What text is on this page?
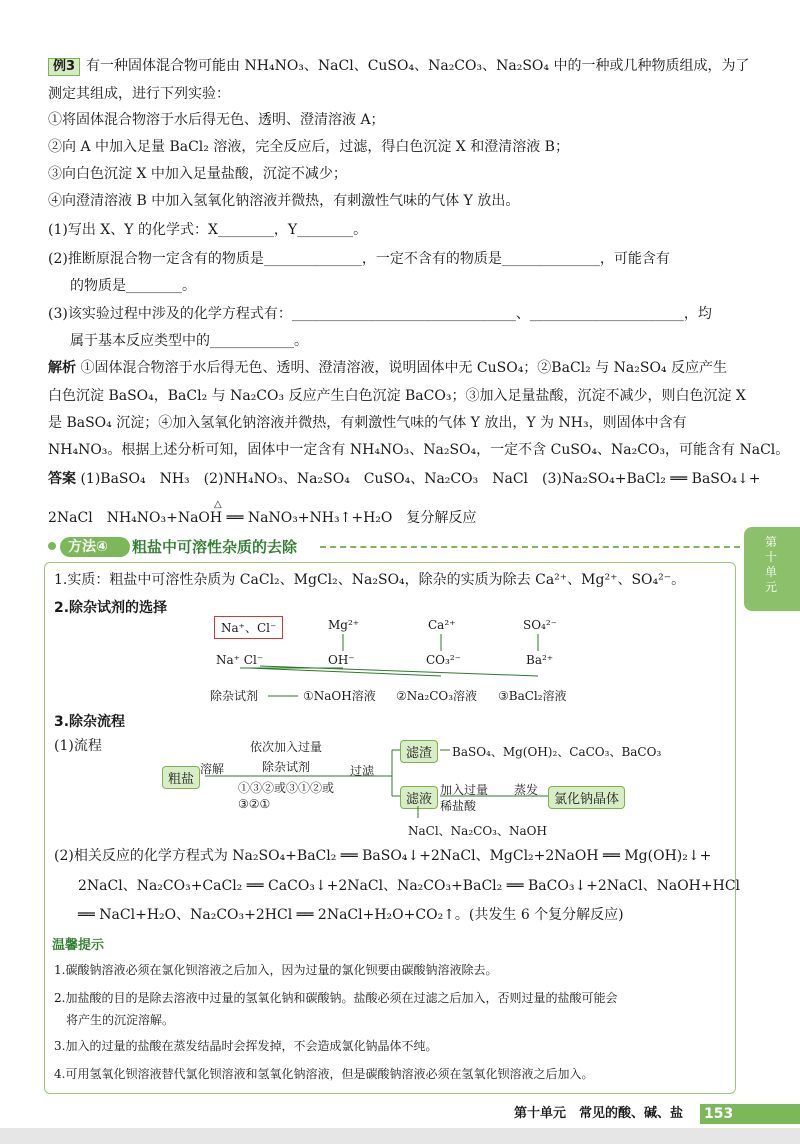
例3 有一种固体混合物可能由 NH₄NO₃、NaCl、CuSO₄、Na₂CO₃、Na₂SO₄ 中的一种或几种物质组成，为了
测定其组成，进行下列实验：
①将固体混合物溶于水后得无色、透明、澄清溶液 A；
②向 A 中加入足量 BaCl₂ 溶液，完全反应后，过滤，得白色沉淀 X 和澄清溶液 B；
③向白色沉淀 X 中加入足量盐酸，沉淀不减少；
④向澄清溶液 B 中加入氢氧化钠溶液并微热，有刺激性气味的气体 Y 放出。
(1)写出 X、Y 的化学式：X________，Y________。
(2)推断原混合物一定含有的物质是______________，一定不含有的物质是______________，可能含有
的物质是________。
(3)该实验过程中涉及的化学方程式有：________________________________、______________________，均
属于基本反应类型中的____________。
解析 ①固体混合物溶于水后得无色、透明、澄清溶液，说明固体中无 CuSO₄；②BaCl₂ 与 Na₂SO₄ 反应产生
白色沉淀 BaSO₄，BaCl₂ 与 Na₂CO₃ 反应产生白色沉淀 BaCO₃；③加入足量盐酸，沉淀不减少，则白色沉淀 X
是 BaSO₄ 沉淀；④加入氢氧化钠溶液并微热，有刺激性气味的气体 Y 放出，Y 为 NH₃，则固体中含有
NH₄NO₃。根据上述分析可知，固体中一定含有 NH₄NO₃、Na₂SO₄，一定不含 CuSO₄、Na₂CO₃，可能含有 NaCl。
答案 (1)BaSO₄　NH₃　(2)NH₄NO₃、Na₂SO₄　CuSO₄、Na₂CO₃　NaCl　(3)Na₂SO₄+BaCl₂ ══ BaSO₄↓+
△
2NaCl　NH₄NO₃+NaOH ══ NaNO₃+NH₃↑+H₂O　复分解反应
第十单元
方法④	粗盐中可溶性杂质的去除
1.实质：粗盐中可溶性杂质为 CaCl₂、MgCl₂、Na₂SO₄，除杂的实质为除去 Ca²⁺、Mg²⁺、SO₄²⁻。
2.除杂试剂的选择
Na⁺、Cl⁻	Mg²⁺	Ca²⁺	SO₄²⁻
Na⁺ Cl⁻	OH⁻	CO₃²⁻	Ba²⁺
除杂试剂	①NaOH溶液 ②Na₂CO₃溶液 ③BaCl₂溶液
3.除杂流程
(1)流程
粗盐
溶解
依次加入过量
除杂试剂
①③②或③①②或
③②①
过滤
滤渣	BaSO₄、Mg(OH)₂、CaCO₃、BaCO₃
滤液
加入过量
稀盐酸
蒸发
氯化钠晶体
NaCl、Na₂CO₃、NaOH
(2)相关反应的化学方程式为 Na₂SO₄+BaCl₂ ══ BaSO₄↓+2NaCl、MgCl₂+2NaOH ══ Mg(OH)₂↓+
2NaCl、Na₂CO₃+CaCl₂ ══ CaCO₃↓+2NaCl、Na₂CO₃+BaCl₂ ══ BaCO₃↓+2NaCl、NaOH+HCl
══ NaCl+H₂O、Na₂CO₃+2HCl ══ 2NaCl+H₂O+CO₂↑。(共发生 6 个复分解反应)
温馨提示
1.碳酸钠溶液必须在氯化钡溶液之后加入，因为过量的氯化钡要由碳酸钠溶液除去。
2.加盐酸的目的是除去溶液中过量的氢氧化钠和碳酸钠。盐酸必须在过滤之后加入，否则过量的盐酸可能会
将产生的沉淀溶解。
3.加入的过量的盐酸在蒸发结晶时会挥发掉，不会造成氯化钠晶体不纯。
4.可用氢氧化钡溶液替代氯化钡溶液和氢氧化钠溶液，但是碳酸钠溶液必须在氢氧化钡溶液之后加入。
第十单元　常见的酸、碱、盐 153
